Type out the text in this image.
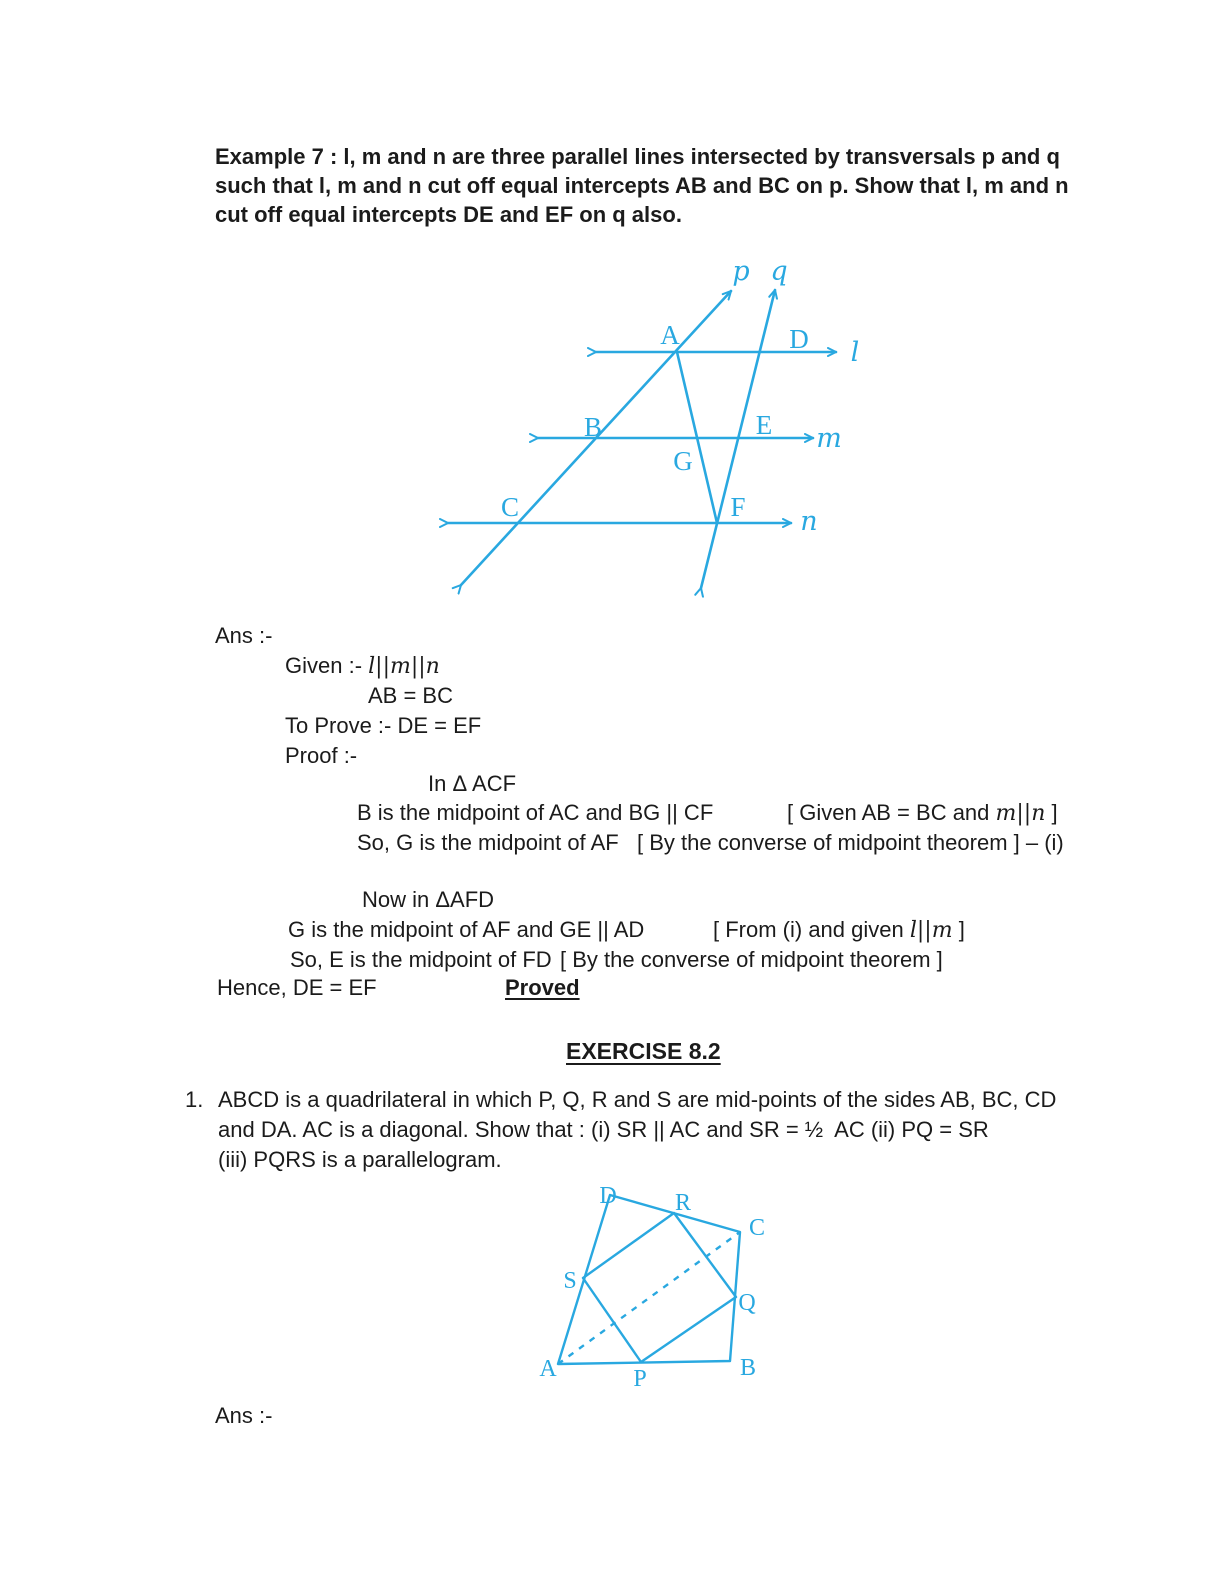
Example 7 : l, m and n are three parallel lines intersected by transversals p and q
such that l, m and n cut off equal intercepts AB and BC on p. Show that l, m and n
cut off equal intercepts DE and EF on q also.
A	D
B	E
G
C	F
p q
l
m
n
Ans :-
Given :- l||m||n
AB = BC
To Prove :- DE = EF
Proof :-
In Δ ACF
B is the midpoint of AC and BG || CF	[ Given AB = BC and m||n ]
So, G is the midpoint of AF [ By the converse of midpoint theorem ] – (i)
Now in ΔAFD
G is the midpoint of AF and GE || AD	[ From (i) and given l||m ]
So, E is the midpoint of FD [ By the converse of midpoint theorem ]
Hence, DE = EF	Proved
EXERCISE 8.2
1. ABCD is a quadrilateral in which P, Q, R and S are mid-points of the sides AB, BC, CD
and DA. AC is a diagonal. Show that : (i) SR || AC and SR = ½  AC (ii) PQ = SR
(iii) PQRS is a parallelogram.
D R
C
S
Q
A	B
P
Ans :-
